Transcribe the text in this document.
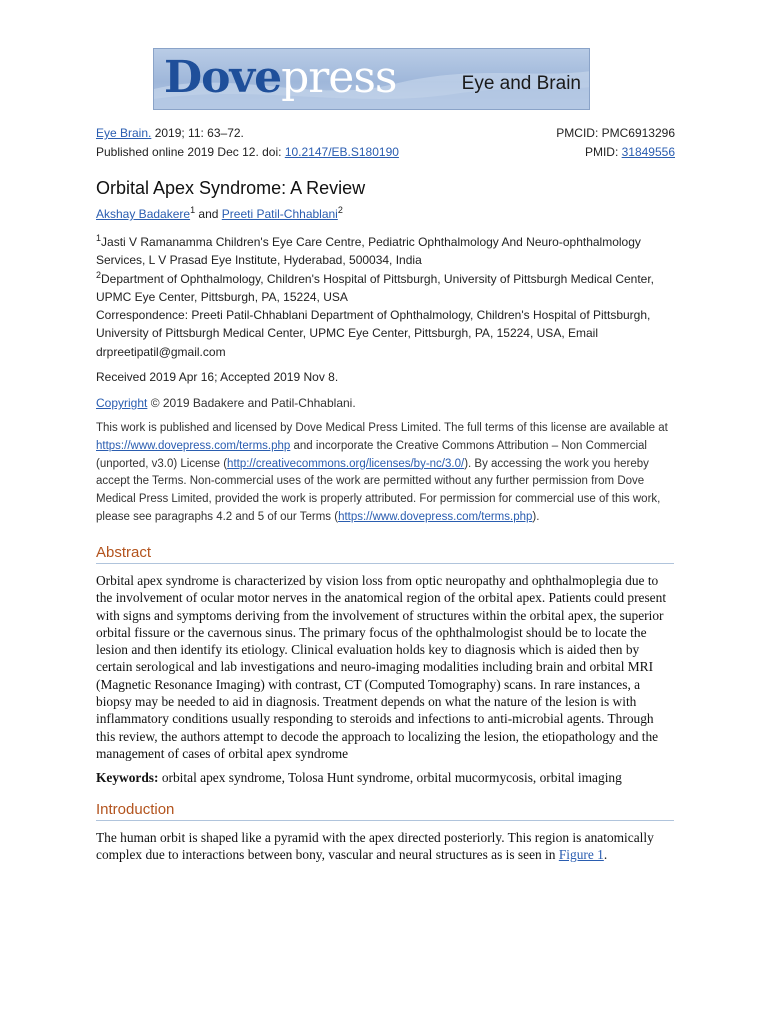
Dovepress	Eye and Brain
Eye Brain. 2019; 11: 63–72.	PMCID: PMC6913296
Published online 2019 Dec 12. doi: 10.2147/EB.S180190	PMID: 31849556
Orbital Apex Syndrome: A Review
Akshay Badakere$^1$ and Preeti Patil-Chhablani$^2$
$^1$Jasti V Ramanamma Children's Eye Care Centre, Pediatric Ophthalmology And Neuro-ophthalmology Services, L V Prasad Eye Institute, Hyderabad, 500034, India
$^2$Department of Ophthalmology, Children's Hospital of Pittsburgh, University of Pittsburgh Medical Center, UPMC Eye Center, Pittsburgh, PA, 15224, USA
Correspondence: Preeti Patil-Chhablani Department of Ophthalmology, Children's Hospital of Pittsburgh, University of Pittsburgh Medical Center, UPMC Eye Center, Pittsburgh, PA, 15224, USA, Email drpreetipatil@gmail.com
Received 2019 Apr 16; Accepted 2019 Nov 8.
Copyright © 2019 Badakere and Patil-Chhablani.

This work is published and licensed by Dove Medical Press Limited. The full terms of this license are available at https://www.dovepress.com/terms.php and incorporate the Creative Commons Attribution – Non Commercial (unported, v3.0) License (http://creativecommons.org/licenses/by-nc/3.0/). By accessing the work you hereby accept the Terms. Non-commercial uses of the work are permitted without any further permission from Dove Medical Press Limited, provided the work is properly attributed. For permission for commercial use of this work, please see paragraphs 4.2 and 5 of our Terms (https://www.dovepress.com/terms.php).

Abstract

Orbital apex syndrome is characterized by vision loss from optic neuropathy and ophthalmoplegia due to the involvement of ocular motor nerves in the anatomical region of the orbital apex. Patients could present with signs and symptoms deriving from the involvement of structures within the orbital apex, the superior orbital fissure or the cavernous sinus. The primary focus of the ophthalmologist should be to locate the lesion and then identify its etiology. Clinical evaluation holds key to diagnosis which is aided then by certain serological and lab investigations and neuro-imaging modalities including brain and orbital MRI (Magnetic Resonance Imaging) with contrast, CT (Computed Tomography) scans. In rare instances, a biopsy may be needed to aid in diagnosis. Treatment depends on what the nature of the lesion is with inflammatory conditions usually responding to steroids and infections to anti-microbial agents. Through this review, the authors attempt to decode the approach to localizing the lesion, the etiopathology and the management of cases of orbital apex syndrome

Keywords: orbital apex syndrome, Tolosa Hunt syndrome, orbital mucormycosis, orbital imaging
Introduction

The human orbit is shaped like a pyramid with the apex directed posteriorly. This region is anatomically complex due to interactions between bony, vascular and neural structures as is seen in Figure 1.
